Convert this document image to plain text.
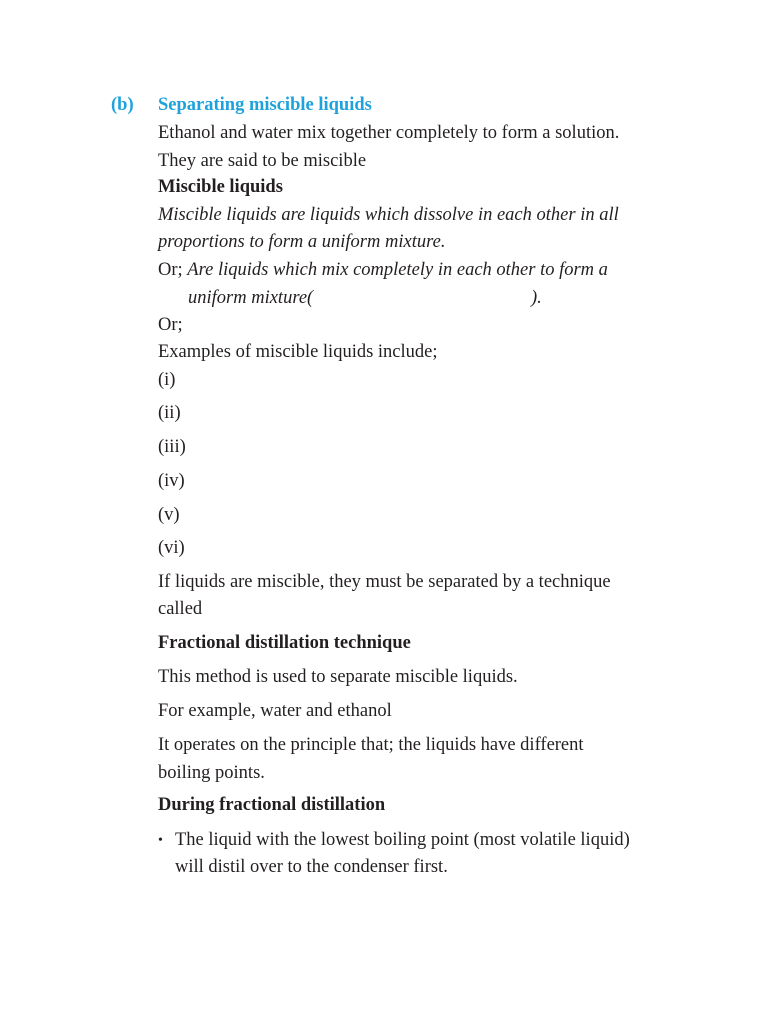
(b) Separating miscible liquids
Ethanol and water mix together completely to form a solution.
They are said to be miscible
Miscible liquids
Miscible liquids are liquids which dissolve in each other in all
proportions to form a uniform mixture.
Or; Are liquids which mix completely in each other to form a
uniform mixture(	).
Or;
Examples of miscible liquids include;
(i)
(ii)
(iii)
(iv)
(v)
(vi)
If liquids are miscible, they must be separated by a technique
called
Fractional distillation technique
This method is used to separate miscible liquids.
For example, water and ethanol
It operates on the principle that; the liquids have different
boiling points.
During fractional distillation
• The liquid with the lowest boiling point (most volatile liquid)
will distil over to the condenser first.
